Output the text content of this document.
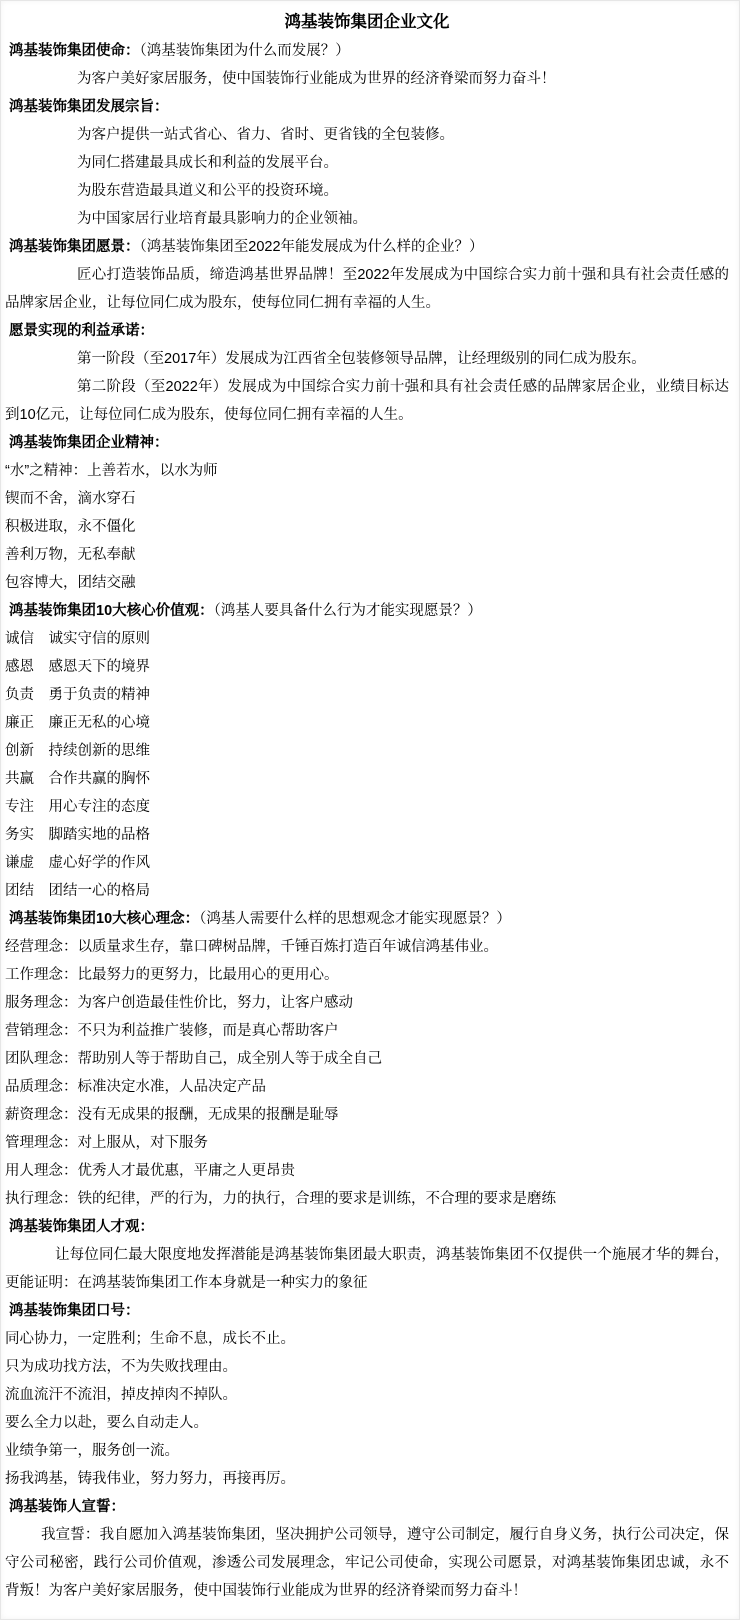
鸿基装饰集团企业文化
鸿基装饰集团使命：（鸿基装饰集团为什么而发展？）

为客户美好家居服务，使中国装饰行业能成为世界的经济脊梁而努力奋斗！

鸿基装饰集团发展宗旨：

为客户提供一站式省心、省力、省时、更省钱的全包装修。

为同仁搭建最具成长和利益的发展平台。

为股东营造最具道义和公平的投资环境。

为中国家居行业培育最具影响力的企业领袖。

鸿基装饰集团愿景：（鸿基装饰集团至2022年能发展成为什么样的企业？）

匠心打造装饰品质，缔造鸿基世界品牌！至2022年发展成为中国综合实力前十强和具有社会责任感的品牌家居企业，让每位同仁成为股东，使每位同仁拥有幸福的人生。

愿景实现的利益承诺：

第一阶段（至2017年）发展成为江西省全包装修领导品牌，让经理级别的同仁成为股东。

第二阶段（至2022年）发展成为中国综合实力前十强和具有社会责任感的品牌家居企业，业绩目标达到10亿元，让每位同仁成为股东，使每位同仁拥有幸福的人生。

鸿基装饰集团企业精神：

“水”之精神：上善若水，以水为师

锲而不舍，滴水穿石

积极进取，永不僵化

善利万物，无私奉献

包容博大，团结交融

鸿基装饰集团10大核心价值观：（鸿基人要具备什么行为才能实现愿景？）

诚信　诚实守信的原则

感恩　感恩天下的境界

负责　勇于负责的精神

廉正　廉正无私的心境

创新　持续创新的思维

共赢　合作共赢的胸怀

专注　用心专注的态度

务实　脚踏实地的品格

谦虚　虚心好学的作风

团结　团结一心的格局

鸿基装饰集团10大核心理念：（鸿基人需要什么样的思想观念才能实现愿景？）

经营理念：以质量求生存，靠口碑树品牌，千锤百炼打造百年诚信鸿基伟业。

工作理念：比最努力的更努力，比最用心的更用心。

服务理念：为客户创造最佳性价比，努力，让客户感动

营销理念：不只为利益推广装修，而是真心帮助客户

团队理念：帮助别人等于帮助自己，成全别人等于成全自己

品质理念：标准决定水准，人品决定产品

薪资理念：没有无成果的报酬，无成果的报酬是耻辱

管理理念：对上服从，对下服务

用人理念：优秀人才最优惠，平庸之人更昂贵

执行理念：铁的纪律，严的行为，力的执行，合理的要求是训练，不合理的要求是磨练

鸿基装饰集团人才观：

让每位同仁最大限度地发挥潜能是鸿基装饰集团最大职责，鸿基装饰集团不仅提供一个施展才华的舞台，更能证明：在鸿基装饰集团工作本身就是一种实力的象征

鸿基装饰集团口号：

同心协力，一定胜利；生命不息，成长不止。

只为成功找方法，不为失败找理由。

流血流汗不流泪，掉皮掉肉不掉队。

要么全力以赴，要么自动走人。

业绩争第一，服务创一流。

扬我鸿基，铸我伟业，努力努力，再接再厉。

鸿基装饰人宣誓：

我宣誓：我自愿加入鸿基装饰集团，坚决拥护公司领导，遵守公司制定，履行自身义务，执行公司决定，保守公司秘密，践行公司价值观，渗透公司发展理念，牢记公司使命，实现公司愿景，对鸿基装饰集团忠诚，永不背叛！为客户美好家居服务，使中国装饰行业能成为世界的经济脊梁而努力奋斗！
